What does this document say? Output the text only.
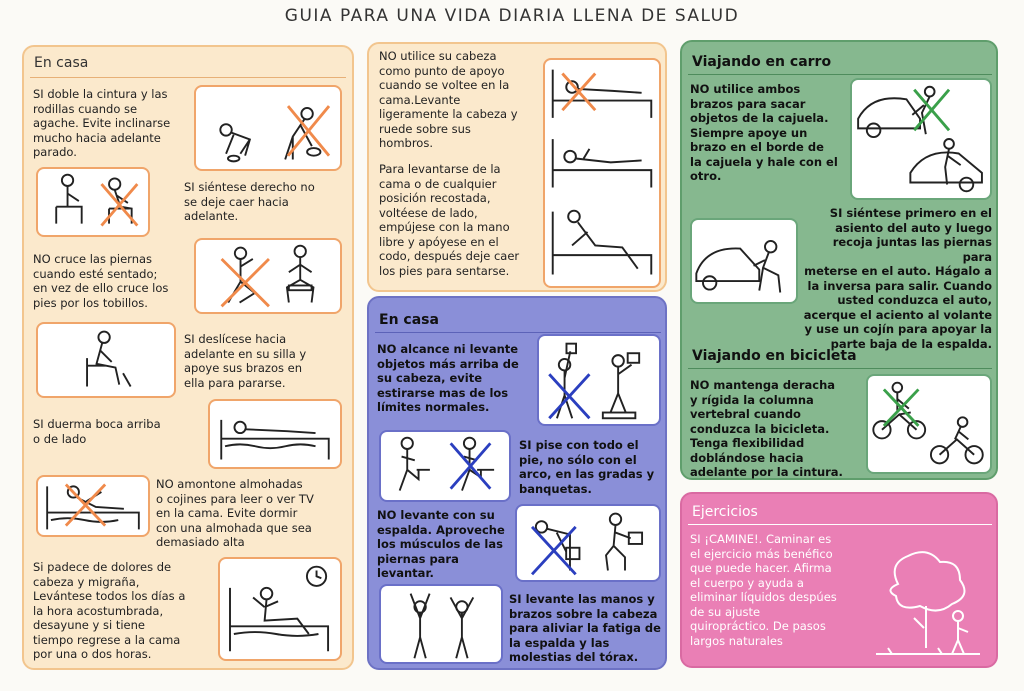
GUIA PARA UNA VIDA DIARIA LLENA DE SALUD
En casa
SI doble la cintura y las
rodillas cuando se
agache. Evite inclinarse
mucho hacia adelante
parado.
SI siéntese derecho no
se deje caer hacia
adelante.
NO cruce las piernas
cuando esté sentado;
en vez de ello cruce los
pies por los tobillos.
SI deslícese hacia
adelante en su silla y
apoye sus brazos en
ella para pararse.
SI duerma boca arriba
o de lado
NO amontone almohadas
o cojines para leer o ver TV
en la cama. Evite dormir
con una almohada que sea
demasiado alta
Si padece de dolores de
cabeza y migraña,
Levántese todos los días a
la hora acostumbrada,
desayune y si tiene
tiempo regrese a la cama
por una o dos horas.
NO utilice su cabeza
como punto de apoyo
cuando se voltee en la
cama.Levante
ligeramente la cabeza y
ruede sobre sus
hombros.
Para levantarse de la
cama o de cualquier
posición recostada,
voltéese de lado,
empújese con la mano
libre y apóyese en el
codo, después deje caer
los pies para sentarse.
En casa
NO alcance ni levante
objetos más arriba de
su cabeza, evite
estirarse mas de los
límites normales.
SI pise con todo el
pie, no sólo con el
arco, en las gradas y
banquetas.
NO levante con su
espalda. Aproveche
los músculos de las
piernas para
levantar.
SI levante las manos y
brazos sobre la cabeza
para aliviar la fatiga de
la espalda y las
molestias del tórax.
Viajando en carro
NO utilice ambos
brazos para sacar
objetos de la cajuela.
Siempre apoye un
brazo en el borde de
la cajuela y hale con el
otro.
SI siéntese primero en el
asiento del auto y luego
recoja juntas las piernas para
meterse en el auto. Hágalo a
la inversa para salir. Cuando
usted conduzca el auto,
acerque el aciento al volante
y use un cojín para apoyar la
parte baja de la espalda.
Viajando en bicicleta
NO mantenga deracha
y rígida la columna
vertebral cuando
conduzca la bicicleta.
Tenga flexibilidad
doblándose hacia
adelante por la cintura.
Ejercicios
SI ¡CAMINE!. Caminar es
el ejercicio más benéfico
que puede hacer. Afirma
el cuerpo y ayuda a
eliminar líquidos despúes
de su ajuste
quiropráctico. De pasos
largos naturales
